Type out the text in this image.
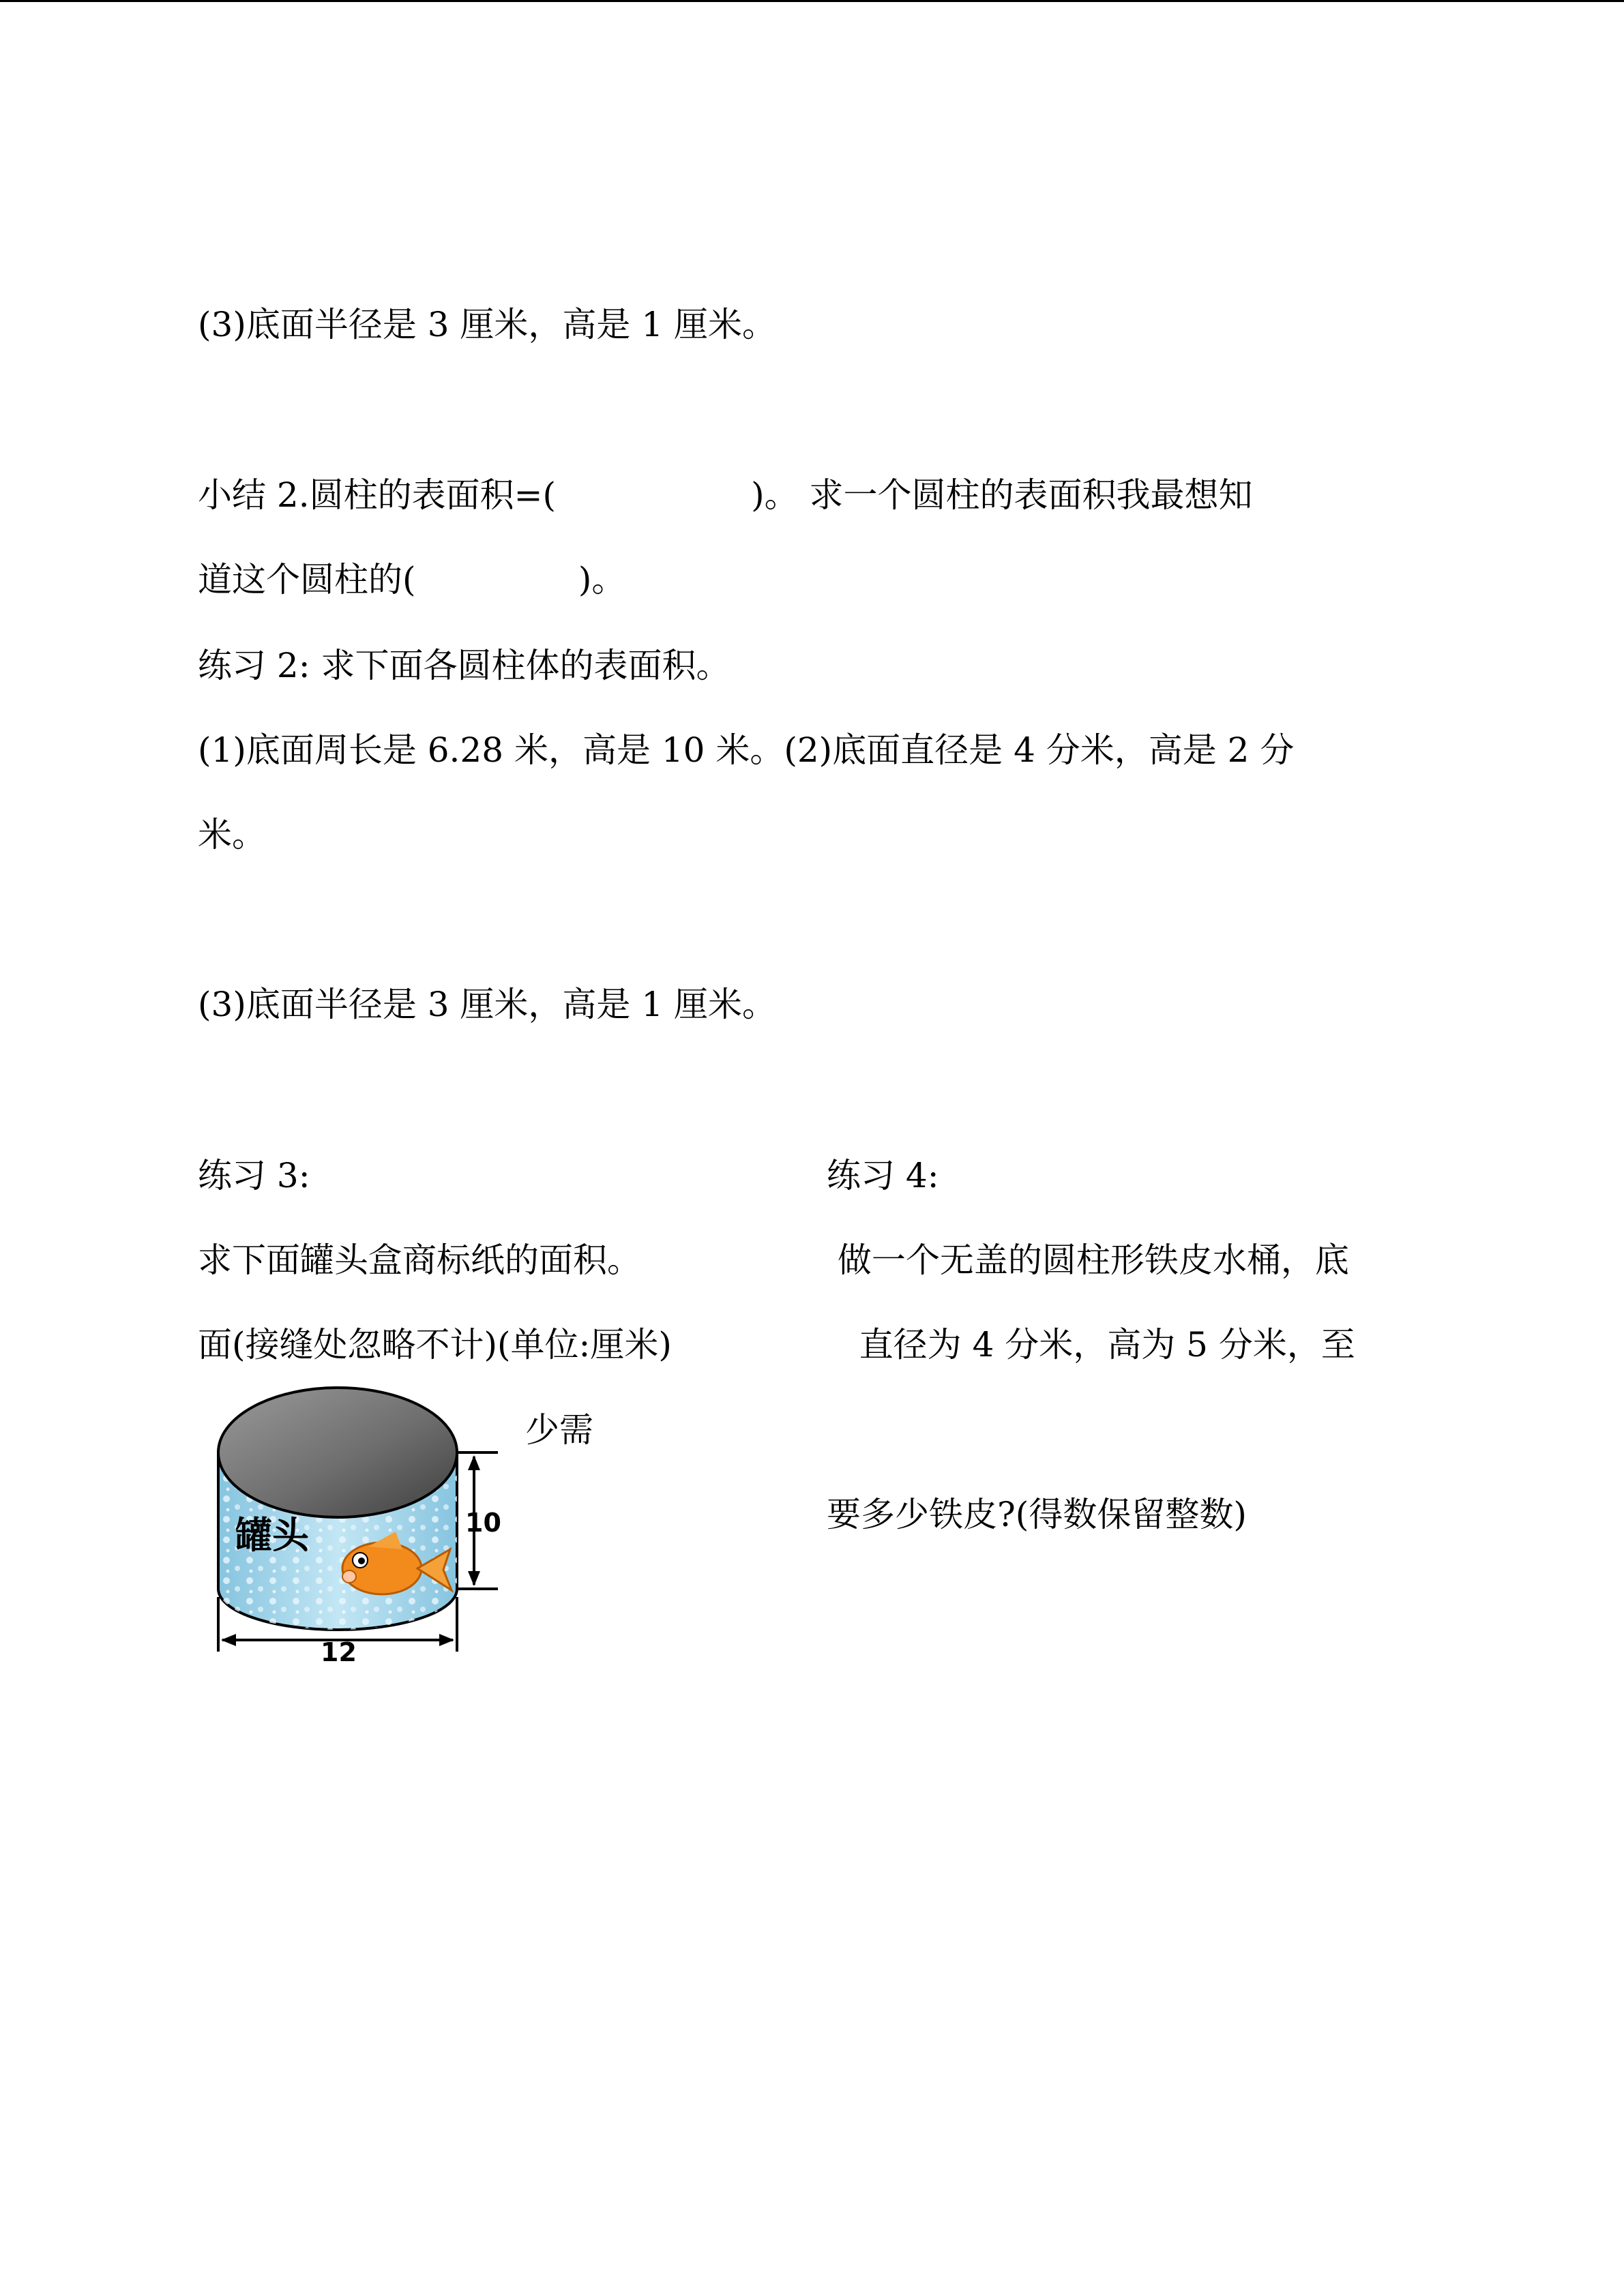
(3)底面半径是 3 厘米，高是 1 厘米。
小结 2.圆柱的表面积=(                  )。 求一个圆柱的表面积我最想知
道这个圆柱的(               )。
练习 2: 求下面各圆柱体的表面积。
(1)底面周长是 6.28 米，高是 10 米。(2)底面直径是 4 分米，高是 2 分
米。
(3)底面半径是 3 厘米，高是 1 厘米。
练习 3:	练习 4:
求下面罐头盒商标纸的面积。	做一个无盖的圆柱形铁皮水桶，底
面(接缝处忽略不计)(单位:厘米)	直径为 4 分米，高为 5 分米，至
少需
要多少铁皮?(得数保留整数)
罐头	10
12
